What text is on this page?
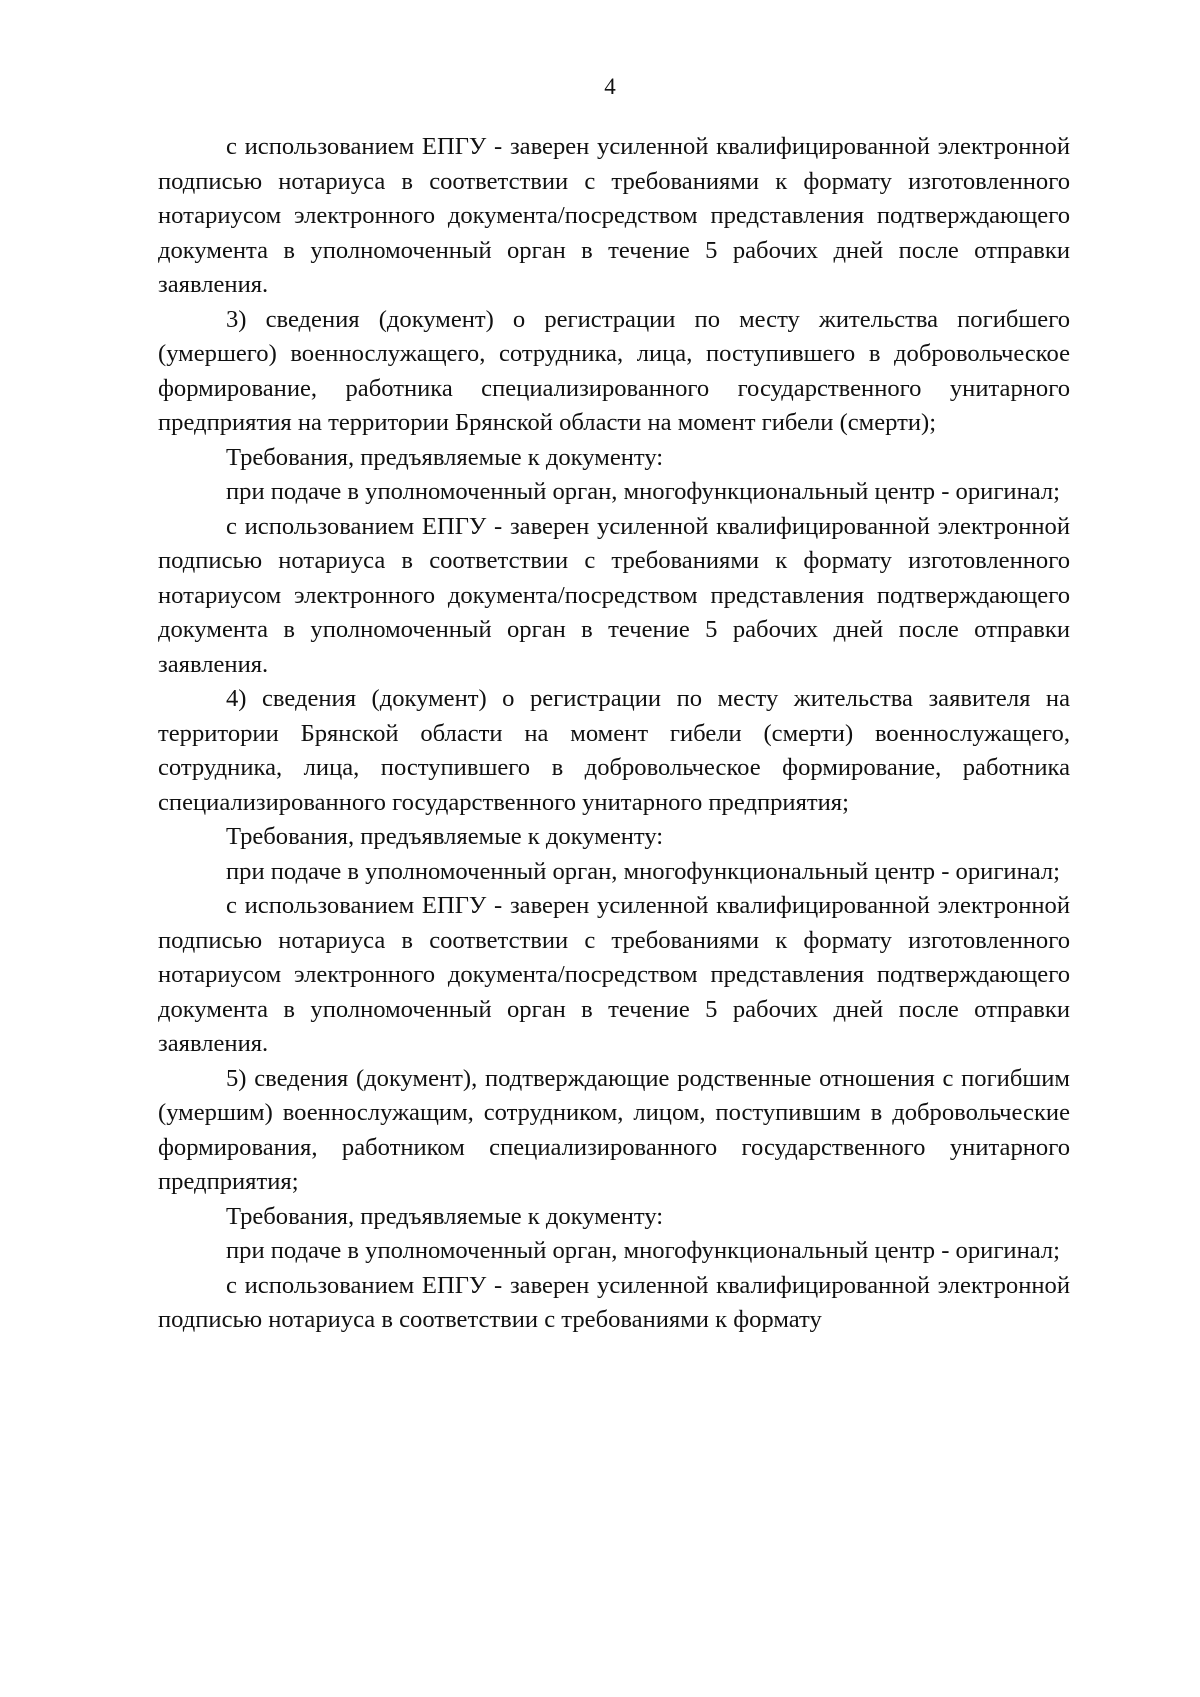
4

с использованием ЕПГУ - заверен усиленной квалифицированной электронной подписью нотариуса в соответствии с требованиями к формату изготовленного нотариусом электронного документа/посредством представления подтверждающего документа в уполномоченный орган в течение 5 рабочих дней после отправки заявления.

3) сведения (документ) о регистрации по месту жительства погибшего (умершего) военнослужащего, сотрудника, лица, поступившего в добровольческое формирование, работника специализированного государственного унитарного предприятия на территории Брянской области на момент гибели (смерти);

Требования, предъявляемые к документу:

при подаче в уполномоченный орган, многофункциональный центр - оригинал;

с использованием ЕПГУ - заверен усиленной квалифицированной электронной подписью нотариуса в соответствии с требованиями к формату изготовленного нотариусом электронного документа/посредством представления подтверждающего документа в уполномоченный орган в течение 5 рабочих дней после отправки заявления.

4) сведения (документ) о регистрации по месту жительства заявителя на территории Брянской области на момент гибели (смерти) военнослужащего, сотрудника, лица, поступившего в добровольческое формирование, работника специализированного государственного унитарного предприятия;

Требования, предъявляемые к документу:

при подаче в уполномоченный орган, многофункциональный центр - оригинал;

с использованием ЕПГУ - заверен усиленной квалифицированной электронной подписью нотариуса в соответствии с требованиями к формату изготовленного нотариусом электронного документа/посредством представления подтверждающего документа в уполномоченный орган в течение 5 рабочих дней после отправки заявления.

5) сведения (документ), подтверждающие родственные отношения с погибшим (умершим) военнослужащим, сотрудником, лицом, поступившим в добровольческие формирования, работником специализированного государственного унитарного предприятия;

Требования, предъявляемые к документу:

при подаче в уполномоченный орган, многофункциональный центр - оригинал;

с использованием ЕПГУ - заверен усиленной квалифицированной электронной подписью нотариуса в соответствии с требованиями к формату
